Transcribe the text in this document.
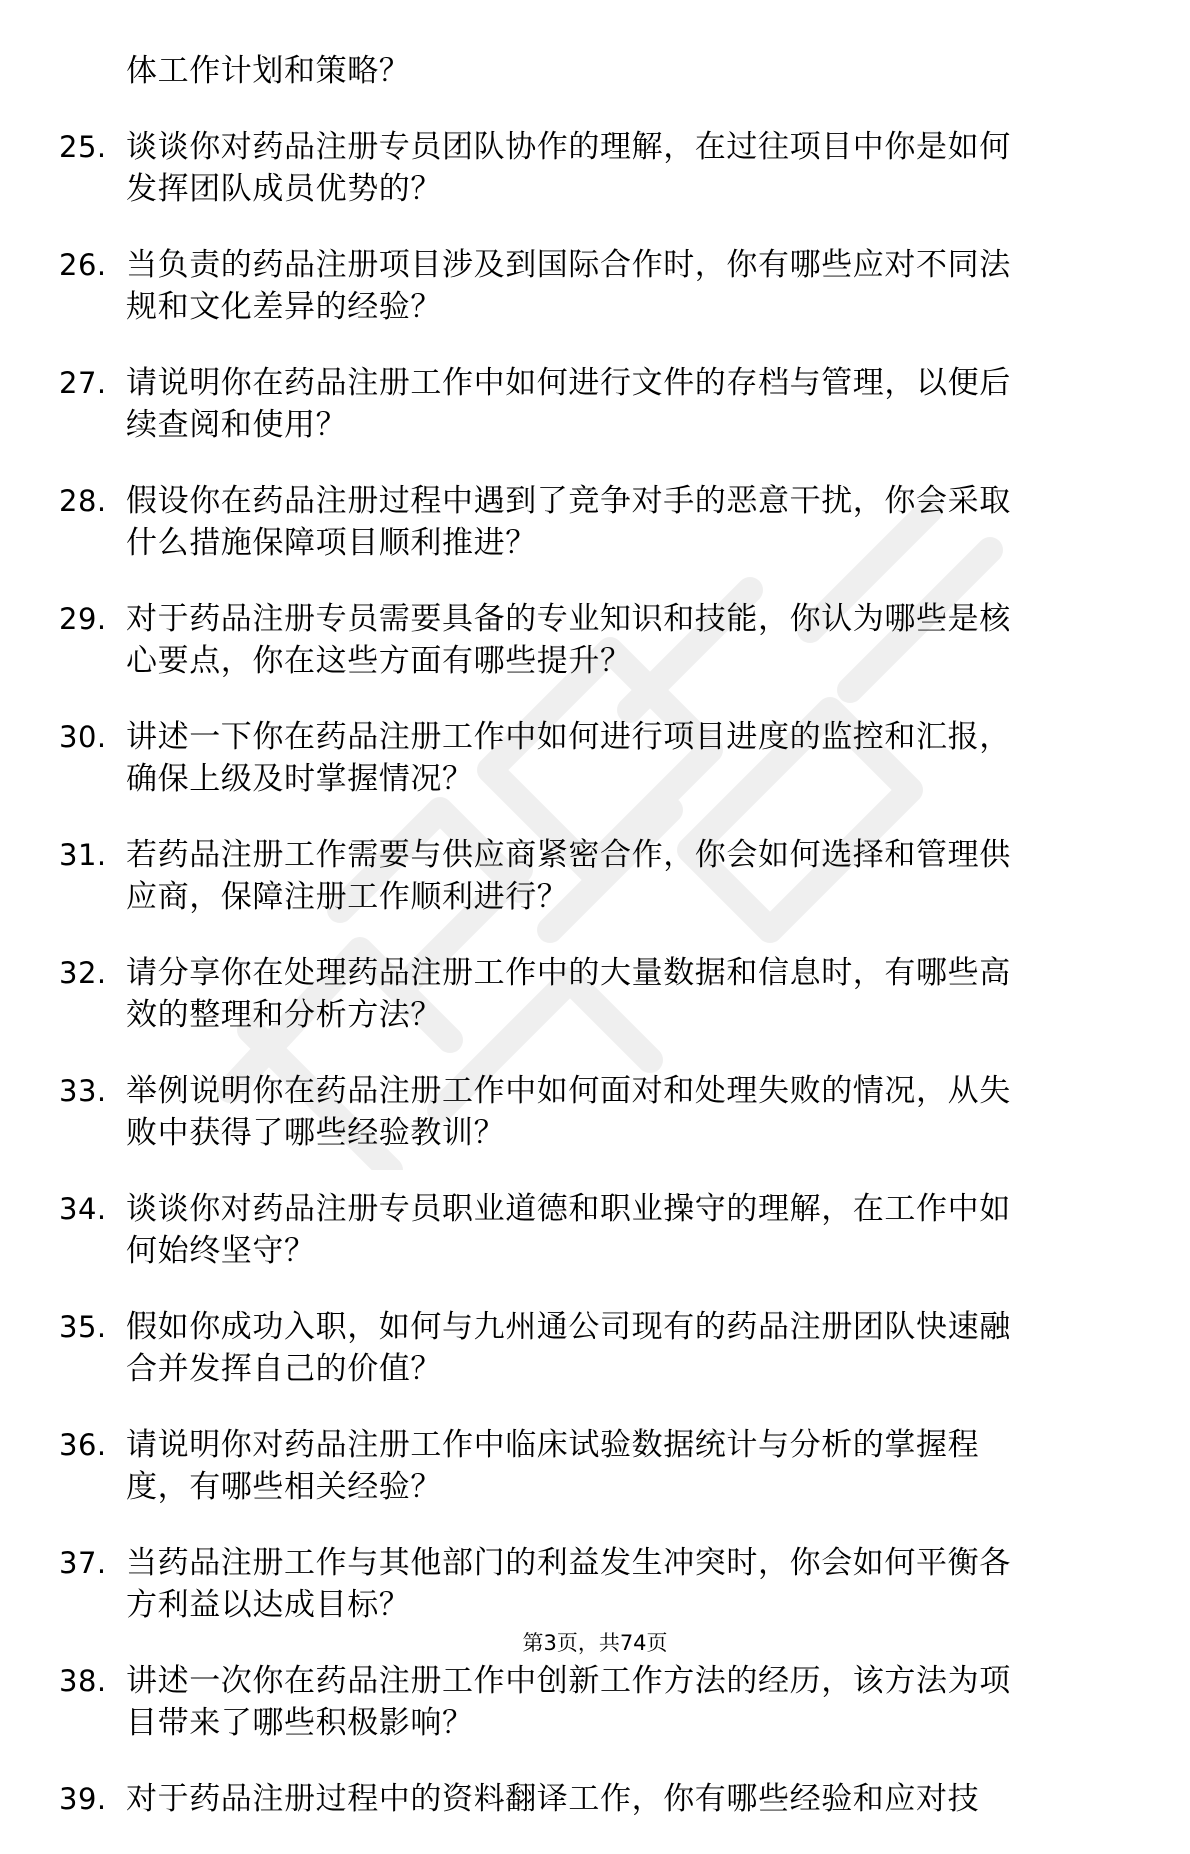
体工作计划和策略？
25. 谈谈你对药品注册专员团队协作的理解，在过往项目中你是如何
发挥团队成员优势的？
26. 当负责的药品注册项目涉及到国际合作时，你有哪些应对不同法
规和文化差异的经验？
27. 请说明你在药品注册工作中如何进行文件的存档与管理，以便后
续查阅和使用？
28. 假设你在药品注册过程中遇到了竞争对手的恶意干扰，你会采取
什么措施保障项目顺利推进？
29. 对于药品注册专员需要具备的专业知识和技能，你认为哪些是核
心要点，你在这些方面有哪些提升？
30. 讲述一下你在药品注册工作中如何进行项目进度的监控和汇报，
确保上级及时掌握情况？
31. 若药品注册工作需要与供应商紧密合作，你会如何选择和管理供
应商，保障注册工作顺利进行？
32. 请分享你在处理药品注册工作中的大量数据和信息时，有哪些高
效的整理和分析方法？
33. 举例说明你在药品注册工作中如何面对和处理失败的情况，从失
败中获得了哪些经验教训？
34. 谈谈你对药品注册专员职业道德和职业操守的理解，在工作中如
何始终坚守？
35. 假如你成功入职，如何与九州通公司现有的药品注册团队快速融
合并发挥自己的价值？
36. 请说明你对药品注册工作中临床试验数据统计与分析的掌握程
度，有哪些相关经验？
37. 当药品注册工作与其他部门的利益发生冲突时，你会如何平衡各
方利益以达成目标？
38. 讲述一次你在药品注册工作中创新工作方法的经历，该方法为项
目带来了哪些积极影响？
39. 对于药品注册过程中的资料翻译工作，你有哪些经验和应对技
第3页，共74页
